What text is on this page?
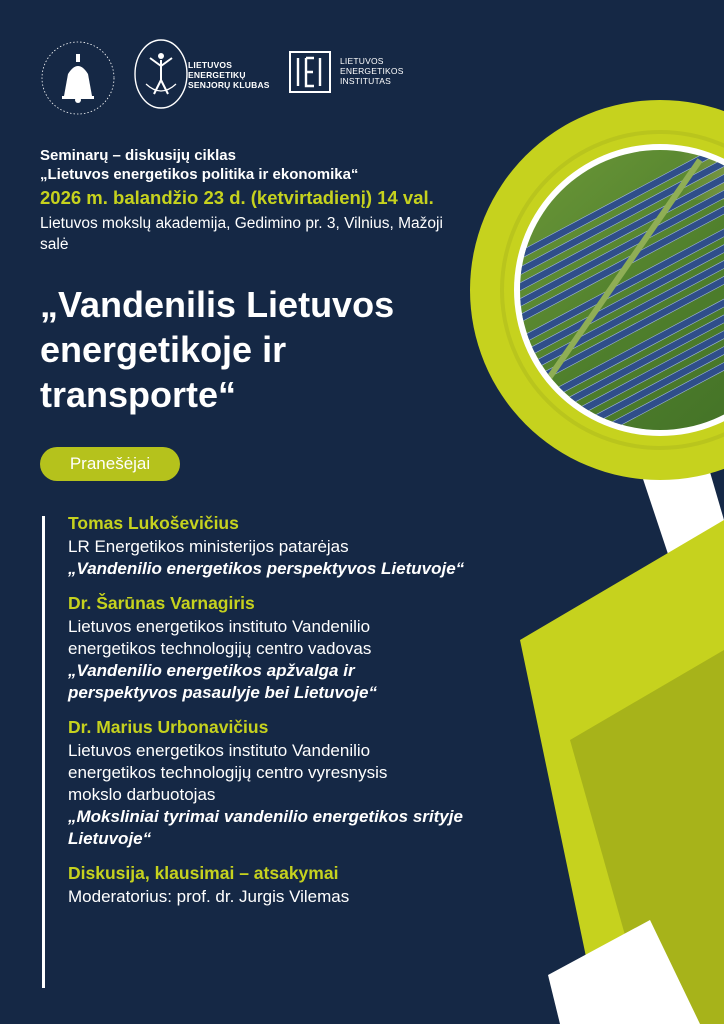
LIETUVOS
ENERGETIKŲ
SENJORŲ KLUBAS
LIETUVOS
ENERGETIKOS
INSTITUTAS
Seminarų – diskusijų ciklas
„Lietuvos energetikos politika ir ekonomika“
2026 m. balandžio 23 d. (ketvirtadienį) 14 val.
Lietuvos mokslų akademija, Gedimino pr. 3, Vilnius, Mažoji salė
„Vandenilis Lietuvos
energetikoje ir
transporte“
Pranešėjai
Tomas Lukoševičius
LR Energetikos ministerijos patarėjas
„Vandenilio energetikos perspektyvos Lietuvoje“
Dr. Šarūnas Varnagiris
Lietuvos energetikos instituto Vandenilio
energetikos technologijų centro vadovas
„Vandenilio energetikos apžvalga ir
perspektyvos pasaulyje bei Lietuvoje“
Dr. Marius Urbonavičius
Lietuvos energetikos instituto Vandenilio
energetikos technologijų centro vyresnysis
mokslo darbuotojas
„Moksliniai tyrimai vandenilio energetikos srityje
Lietuvoje“
Diskusija, klausimai – atsakymai
Moderatorius: prof. dr. Jurgis Vilemas
